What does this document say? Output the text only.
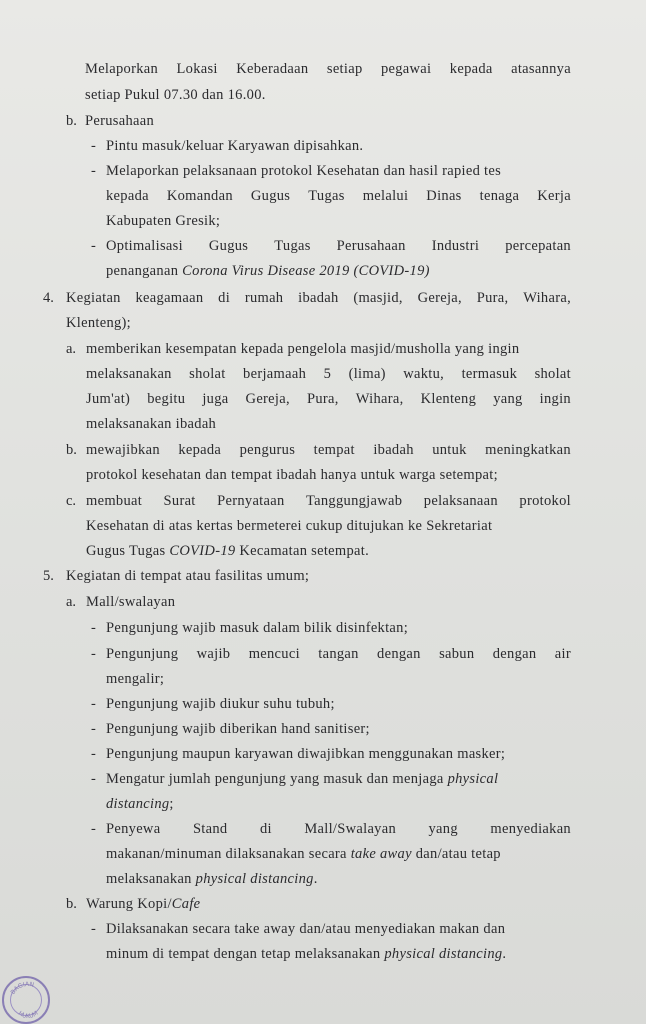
Melaporkan Lokasi Keberadaan setiap pegawai kepada atasannya
setiap Pukul 07.30 dan 16.00.
b. Perusahaan
- Pintu masuk/keluar Karyawan dipisahkan.
- Melaporkan pelaksanaan protokol Kesehatan dan hasil rapied tes
kepada Komandan Gugus Tugas melalui Dinas tenaga Kerja
Kabupaten Gresik;
- Optimalisasi Gugus Tugas Perusahaan Industri percepatan
penanganan Corona Virus Disease 2019 (COVID-19)
4. Kegiatan keagamaan di rumah ibadah (masjid, Gereja, Pura, Wihara,
Klenteng);
a. memberikan kesempatan kepada pengelola masjid/musholla yang ingin
melaksanakan sholat berjamaah 5 (lima) waktu, termasuk sholat
Jum'at) begitu juga Gereja, Pura, Wihara, Klenteng yang ingin
melaksanakan ibadah
b. mewajibkan kepada pengurus tempat ibadah untuk meningkatkan
protokol kesehatan dan tempat ibadah hanya untuk warga setempat;
c. membuat Surat Pernyataan Tanggungjawab pelaksanaan protokol
Kesehatan di atas kertas bermeterei cukup ditujukan ke Sekretariat
Gugus Tugas COVID-19 Kecamatan setempat.
5. Kegiatan di tempat atau fasilitas umum;
a. Mall/swalayan
- Pengunjung wajib masuk dalam bilik disinfektan;
- Pengunjung wajib mencuci tangan dengan sabun dengan air
mengalir;
- Pengunjung wajib diukur suhu tubuh;
- Pengunjung wajib diberikan hand sanitiser;
- Pengunjung maupun karyawan diwajibkan menggunakan masker;
- Mengatur jumlah pengunjung yang masuk dan menjaga physical
distancing;
- Penyewa Stand di Mall/Swalayan yang menyediakan
makanan/minuman dilaksanakan secara take away dan/atau tetap
melaksanakan physical distancing.
b. Warung Kopi/Cafe
- Dilaksanakan secara take away dan/atau menyediakan makan dan
minum di tempat dengan tetap melaksanakan physical distancing.
BAGIAN
HUKUM
